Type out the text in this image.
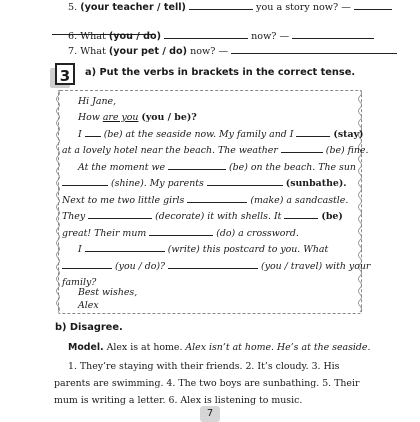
5. (your teacher / tell)	you a story now? —
6. What (you / do)	now? —
7. What (your pet / do) now? —
3	a) Put the verbs in brackets in the correct tense.
Hi Jane,
How are you (you / be)?
I (be) at the seaside now. My family and I	(stay)
at a lovely hotel near the beach. The weather	(be) fine.
At the moment we	(be) on the beach. The sun
(shine). My parents	(sunbathe).
Next to me two little girls	(make) a sandcastle.
They	(decorate) it with shells. It	(be)
great! Their mum	(do) a crossword.
I	(write) this postcard to you. What
(you / do)?	(you / travel) with your
family?
Best wishes,
Alex
b) Disagree.
Model. Alex is at home. Alex isn’t at home. He’s at the seaside.
1. They’re staying with their friends. 2. It’s cloudy. 3. His
parents are swimming. 4. The two boys are sunbathing. 5. Their
mum is writing a letter. 6. Alex is listening to music.
7
